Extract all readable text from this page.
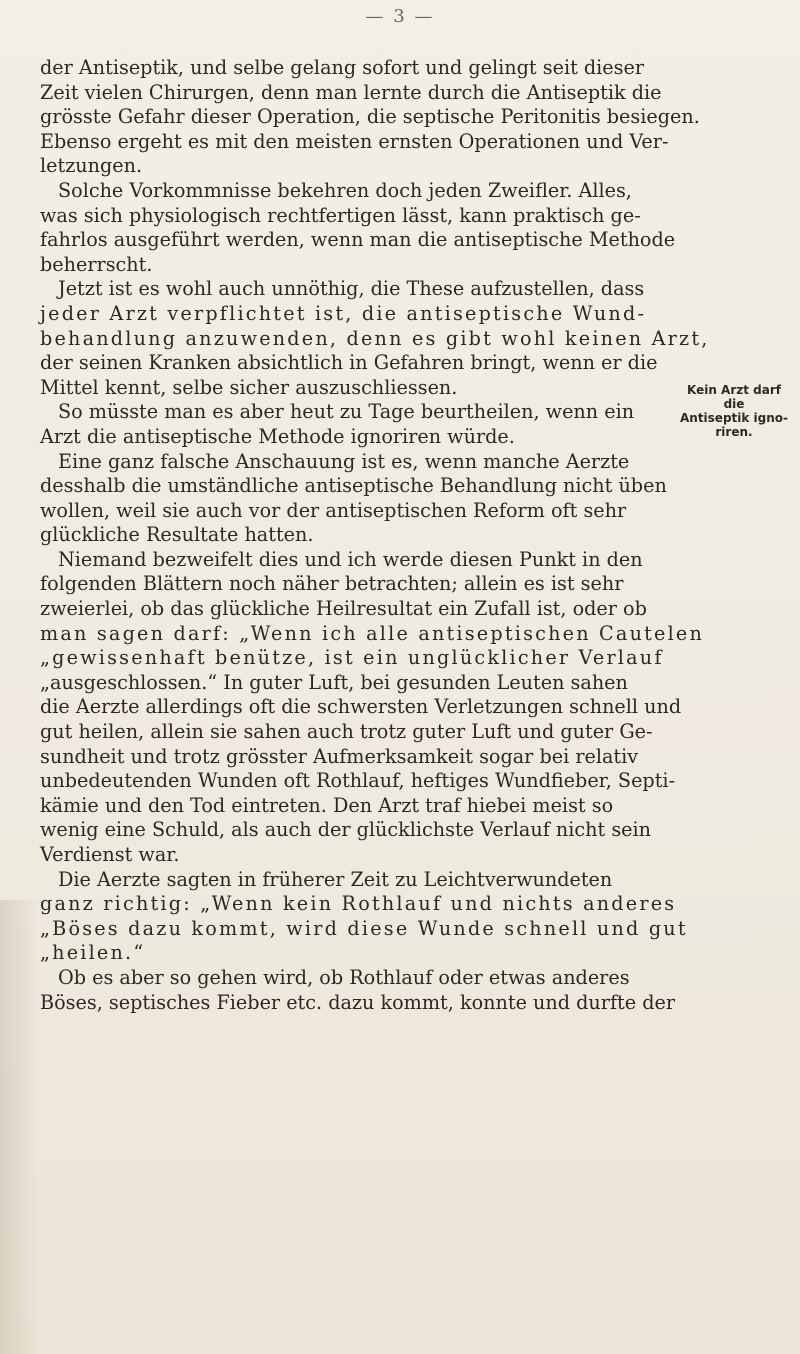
— 3 —
der Antiseptik, und selbe gelang sofort und gelingt seit dieser
Zeit vielen Chirurgen, denn man lernte durch die Antiseptik die
grösste Gefahr dieser Operation, die septische Peritonitis besiegen.
Ebenso ergeht es mit den meisten ernsten Operationen und Ver-
letzungen.
Solche Vorkommnisse bekehren doch jeden Zweifler. Alles,
was sich physiologisch rechtfertigen lässt, kann praktisch ge-
fahrlos ausgeführt werden, wenn man die antiseptische Methode
beherrscht.
Jetzt ist es wohl auch unnöthig, die These aufzustellen, dass
jeder Arzt verpflichtet ist, die antiseptische Wund-
behandlung anzuwenden, denn es gibt wohl keinen Arzt,
der seinen Kranken absichtlich in Gefahren bringt, wenn er die
Mittel kennt, selbe sicher auszuschliessen.
So müsste man es aber heut zu Tage beurtheilen, wenn ein
Arzt die antiseptische Methode ignoriren würde.
Eine ganz falsche Anschauung ist es, wenn manche Aerzte
desshalb die umständliche antiseptische Behandlung nicht üben
wollen, weil sie auch vor der antiseptischen Reform oft sehr
glückliche Resultate hatten.
Niemand bezweifelt dies und ich werde diesen Punkt in den
folgenden Blättern noch näher betrachten; allein es ist sehr
zweierlei, ob das glückliche Heilresultat ein Zufall ist, oder ob
man sagen darf: „Wenn ich alle antiseptischen Cautelen
„gewissenhaft benütze, ist ein unglücklicher Verlauf
„ausgeschlossen.“ In guter Luft, bei gesunden Leuten sahen
die Aerzte allerdings oft die schwersten Verletzungen schnell und
gut heilen, allein sie sahen auch trotz guter Luft und guter Ge-
sundheit und trotz grösster Aufmerksamkeit sogar bei relativ
unbedeutenden Wunden oft Rothlauf, heftiges Wundfieber, Septi-
kämie und den Tod eintreten. Den Arzt traf hiebei meist so
wenig eine Schuld, als auch der glücklichste Verlauf nicht sein
Verdienst war.
Die Aerzte sagten in früherer Zeit zu Leichtverwundeten
ganz richtig: „Wenn kein Rothlauf und nichts anderes
„Böses dazu kommt, wird diese Wunde schnell und gut
„heilen.“
Ob es aber so gehen wird, ob Rothlauf oder etwas anderes
Böses, septisches Fieber etc. dazu kommt, konnte und durfte der
Kein Arzt darf die
Antiseptik igno-
riren.
